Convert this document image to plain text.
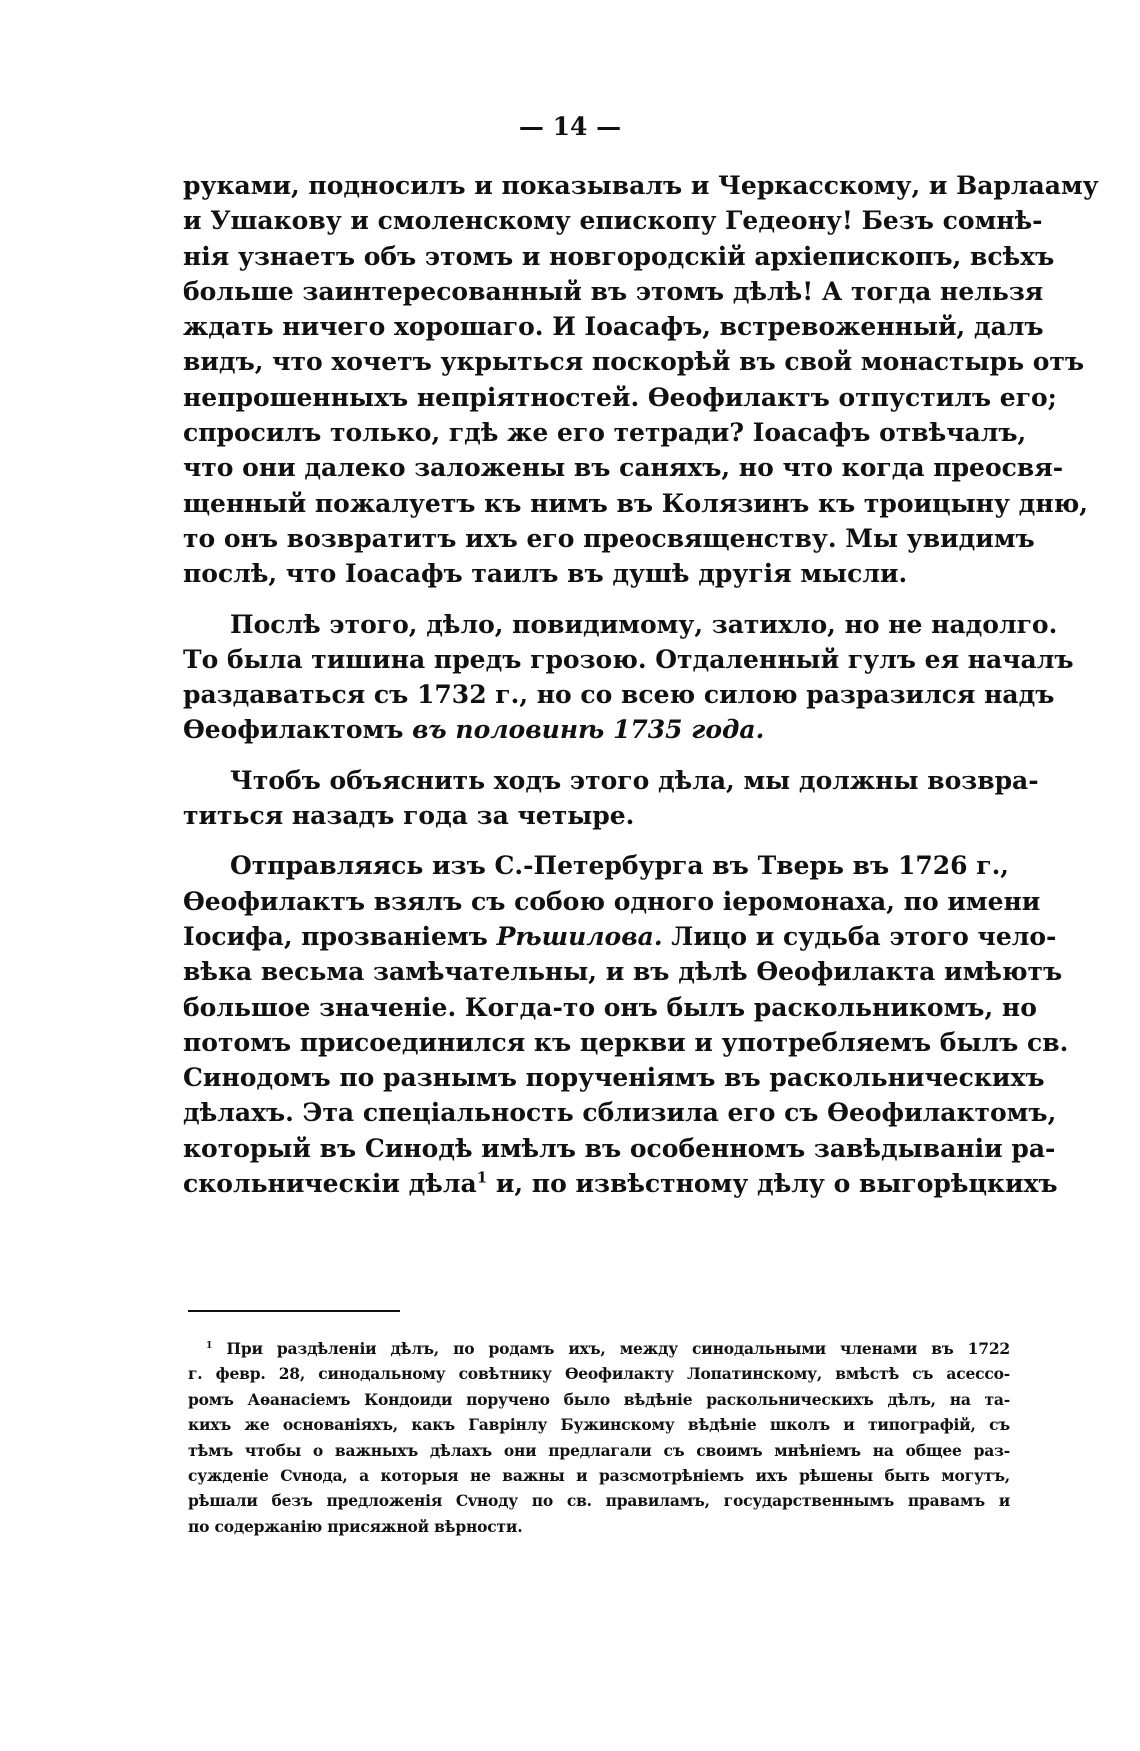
— 14 —
руками, подносилъ и показывалъ и Черкасскому, и Варлааму
и Ушакову и смоленскому епископу Гедеону! Безъ сомнѣ-
нія узнаетъ объ этомъ и новгородскій архіепископъ, всѣхъ
больше заинтересованный въ этомъ дѣлѣ! А тогда нельзя
ждать ничего хорошаго. И Іоасафъ, встревоженный, далъ
видъ, что хочетъ укрыться поскорѣй въ свой монастырь отъ
непрошенныхъ непріятностей. Өеофилактъ отпустилъ его;
спросилъ только, гдѣ же его тетради? Іоасафъ отвѣчалъ,
что они далеко заложены въ саняхъ, но что когда преосвя-
щенный пожалуетъ къ нимъ въ Колязинъ къ троицыну дню,
то онъ возвратитъ ихъ его преосвященству. Мы увидимъ
послѣ, что Іоасафъ таилъ въ душѣ другія мысли.
Послѣ этого, дѣло, повидимому, затихло, но не надолго.
То была тишина предъ грозою. Отдаленный гулъ ея началъ
раздаваться съ 1732 г., но со всею силою разразился надъ
Өеофилактомъ въ половинѣ 1735 года.
Чтобъ объяснить ходъ этого дѣла, мы должны возвра-
титься назадъ года за четыре.
Отправляясь изъ С.-Петербурга въ Тверь въ 1726 г.,
Өеофилактъ взялъ съ собою одного іеромонаха, по имени
Іосифа, прозваніемъ Рѣшилова. Лицо и судьба этого чело-
вѣка весьма замѣчательны, и въ дѣлѣ Өеофилакта имѣютъ
большое значеніе. Когда-то онъ былъ раскольникомъ, но
потомъ присоединился къ церкви и употребляемъ былъ св.
Синодомъ по разнымъ порученіямъ въ раскольническихъ
дѣлахъ. Эта спеціальность сблизила его съ Өеофилактомъ,
который въ Синодѣ имѣлъ въ особенномъ завѣдываніи ра-
скольническіи дѣла$^1$ и, по извѣстному дѣлу о выгорѣцкихъ
$^1$ При раздѣленіи дѣлъ, по родамъ ихъ, между синодальными членами въ 1722
г. февр. 28, синодальному совѣтнику Өеофилакту Лопатинскому, вмѣстѣ съ асессо-
ромъ Аѳанасіемъ Кондоиди поручено было вѣдѣніе раскольническихъ дѣлъ, на та-
кихъ же основаніяхъ, какъ Гаврінлу Бужинскому вѣдѣніе школъ и типографій, съ
тѣмъ чтобы о важныхъ дѣлахъ они предлагали съ своимъ мнѣніемъ на общее раз-
сужденіе Сvнода, а которыя не важны и разсмотрѣніемъ ихъ рѣшены быть могутъ,
рѣшали безъ предложенія Сvноду по св. правиламъ, государственнымъ правамъ и
по содержанію присяжной вѣрности.
